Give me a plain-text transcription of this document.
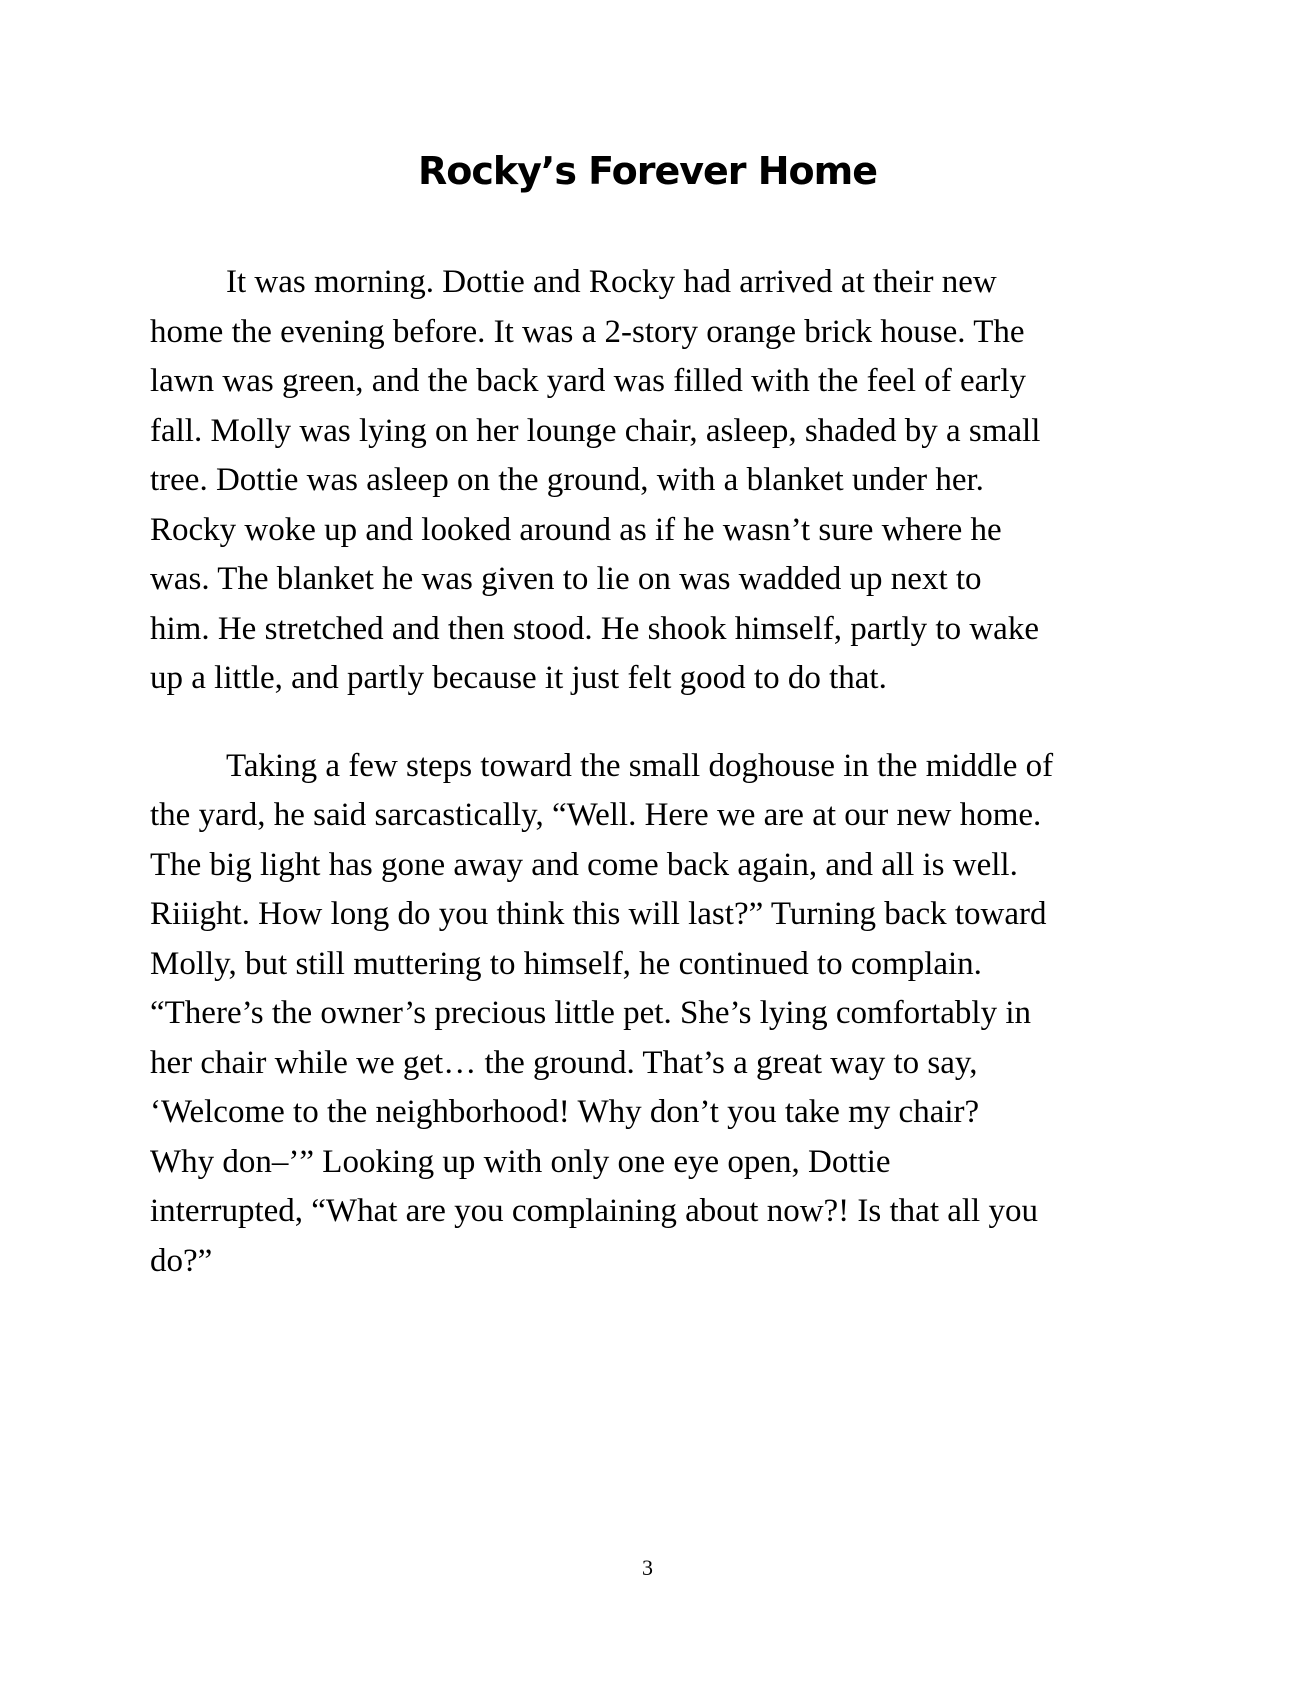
Rocky’s Forever Home

It was morning. Dottie and Rocky had arrived at their new
home the evening before. It was a 2-story orange brick house. The
lawn was green, and the back yard was filled with the feel of early
fall. Molly was lying on her lounge chair, asleep, shaded by a small
tree. Dottie was asleep on the ground, with a blanket under her.
Rocky woke up and looked around as if he wasn’t sure where he
was. The blanket he was given to lie on was wadded up next to
him. He stretched and then stood. He shook himself, partly to wake
up a little, and partly because it just felt good to do that.

Taking a few steps toward the small doghouse in the middle of
the yard, he said sarcastically, “Well. Here we are at our new home.
The big light has gone away and come back again, and all is well.
Riiight. How long do you think this will last?” Turning back toward
Molly, but still muttering to himself, he continued to complain.
“There’s the owner’s precious little pet. She’s lying comfortably in
her chair while we get… the ground. That’s a great way to say,
‘Welcome to the neighborhood! Why don’t you take my chair?
Why don–’” Looking up with only one eye open, Dottie
interrupted, “What are you complaining about now?! Is that all you
do?”

3
